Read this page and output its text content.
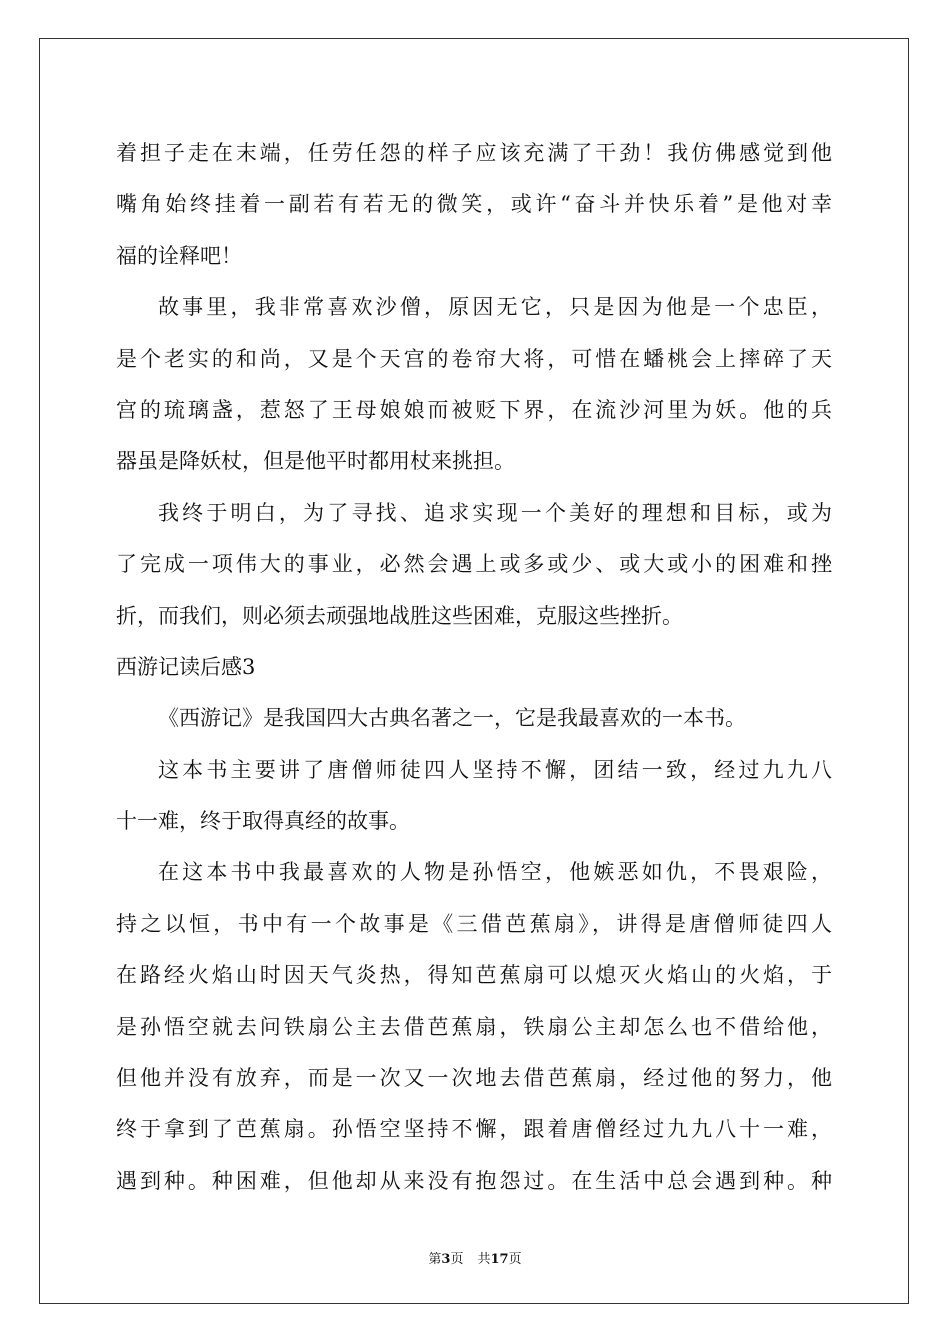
着担子走在末端，任劳任怨的样子应该充满了干劲！我仿佛感觉到他
嘴角始终挂着一副若有若无的微笑，或许“奋斗并快乐着”是他对幸
福的诠释吧！
故事里，我非常喜欢沙僧，原因无它，只是因为他是一个忠臣，
是个老实的和尚，又是个天宫的卷帘大将，可惜在蟠桃会上摔碎了天
宫的琉璃盏，惹怒了王母娘娘而被贬下界，在流沙河里为妖。他的兵
器虽是降妖杖，但是他平时都用杖来挑担。
我终于明白，为了寻找、追求实现一个美好的理想和目标，或为
了完成一项伟大的事业，必然会遇上或多或少、或大或小的困难和挫
折，而我们，则必须去顽强地战胜这些困难，克服这些挫折。
西游记读后感3
《西游记》是我国四大古典名著之一，它是我最喜欢的一本书。
这本书主要讲了唐僧师徒四人坚持不懈，团结一致，经过九九八
十一难，终于取得真经的故事。
在这本书中我最喜欢的人物是孙悟空，他嫉恶如仇，不畏艰险，
持之以恒，书中有一个故事是《三借芭蕉扇》，讲得是唐僧师徒四人
在路经火焰山时因天气炎热，得知芭蕉扇可以熄灭火焰山的火焰，于
是孙悟空就去问铁扇公主去借芭蕉扇，铁扇公主却怎么也不借给他，
但他并没有放弃，而是一次又一次地去借芭蕉扇，经过他的努力，他
终于拿到了芭蕉扇。孙悟空坚持不懈，跟着唐僧经过九九八十一难，
遇到种。种困难，但他却从来没有抱怨过。在生活中总会遇到种。种
第3页 共17页
